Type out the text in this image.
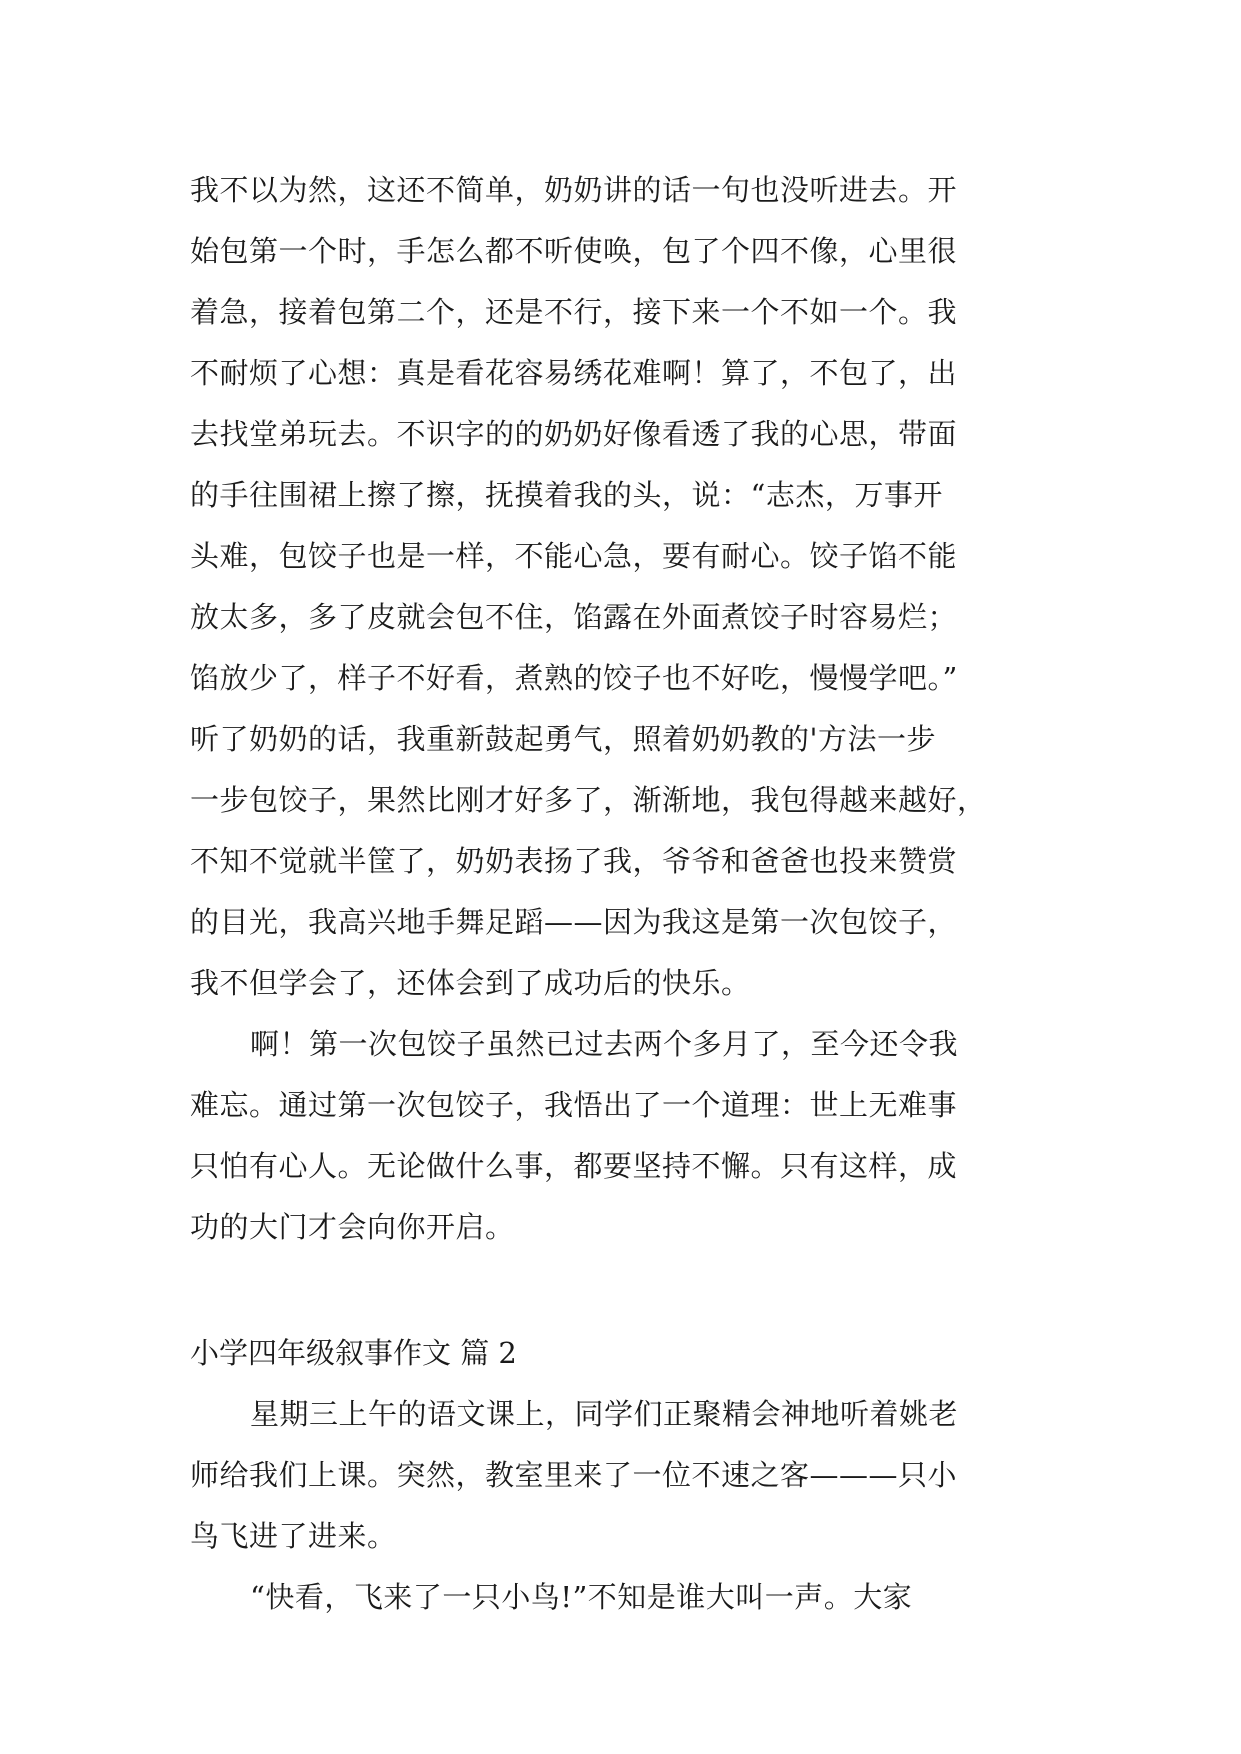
我不以为然，这还不简单，奶奶讲的话一句也没听进去。开
始包第一个时，手怎么都不听使唤，包了个四不像，心里很
着急，接着包第二个，还是不行，接下来一个不如一个。我
不耐烦了心想：真是看花容易绣花难啊！算了，不包了，出
去找堂弟玩去。不识字的的奶奶好像看透了我的心思，带面
的手往围裙上擦了擦，抚摸着我的头，说：“志杰，万事开
头难，包饺子也是一样，不能心急，要有耐心。饺子馅不能
放太多，多了皮就会包不住，馅露在外面煮饺子时容易烂；
馅放少了，样子不好看，煮熟的饺子也不好吃，慢慢学吧。”
听了奶奶的话，我重新鼓起勇气，照着奶奶教的'方法一步
一步包饺子，果然比刚才好多了，渐渐地，我包得越来越好，
不知不觉就半筐了，奶奶表扬了我，爷爷和爸爸也投来赞赏
的目光，我高兴地手舞足蹈——因为我这是第一次包饺子，
我不但学会了，还体会到了成功后的快乐。
啊！第一次包饺子虽然已过去两个多月了，至今还令我
难忘。通过第一次包饺子，我悟出了一个道理：世上无难事
只怕有心人。无论做什么事，都要坚持不懈。只有这样，成
功的大门才会向你开启。
小学四年级叙事作文 篇 2
星期三上午的语文课上，同学们正聚精会神地听着姚老
师给我们上课。突然，教室里来了一位不速之客———只小
鸟飞进了进来。
“快看，飞来了一只小鸟!”不知是谁大叫一声。大家
